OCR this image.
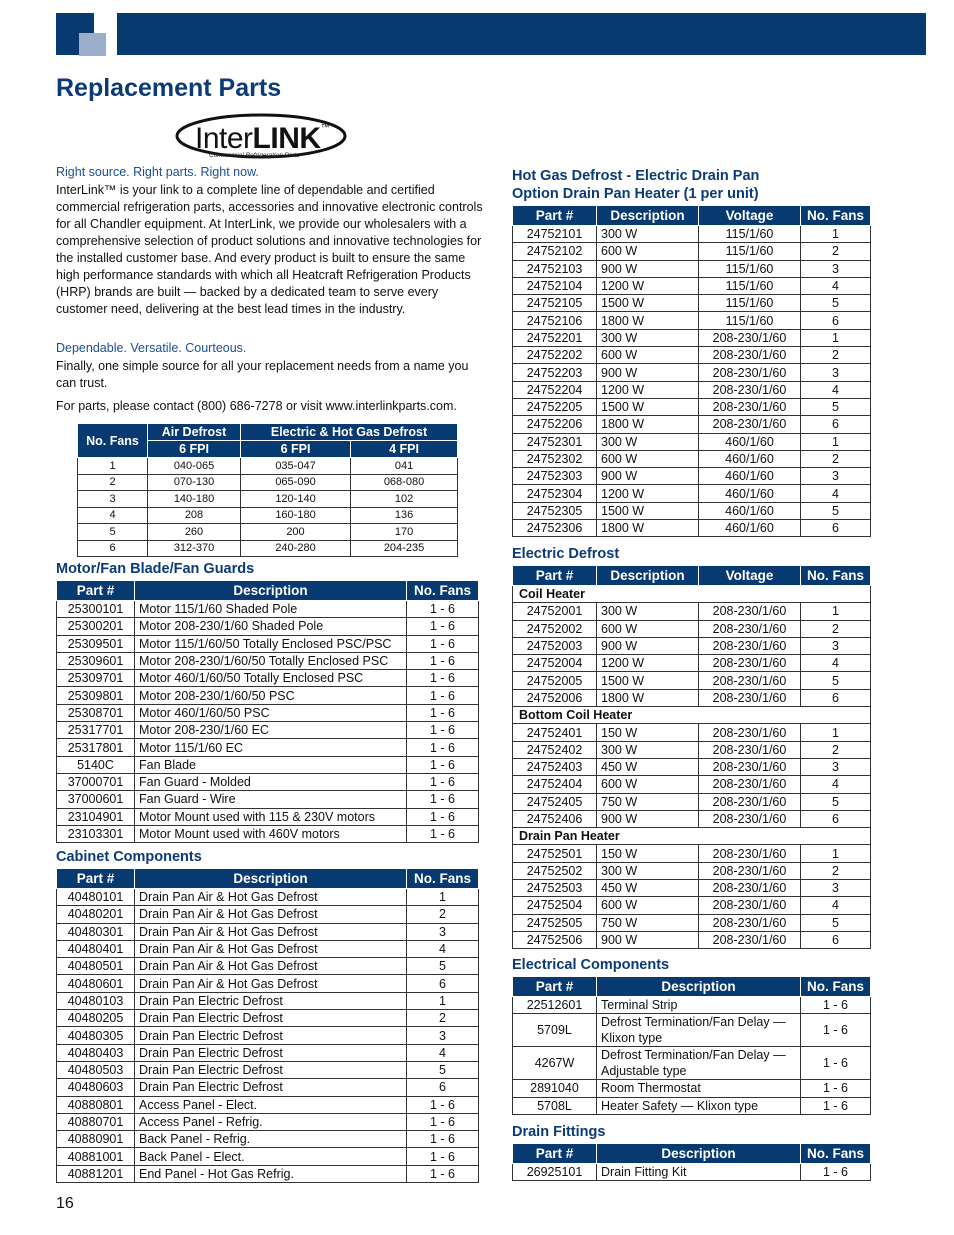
Replacement Parts
InterLINK™
Commercial Refrigeration Parts
Right source. Right parts. Right now.

InterLink™ is your link to a complete line of dependable and certified commercial refrigeration parts, accessories and innovative electronic controls for all Chandler equipment. At InterLink, we provide our wholesalers with a comprehensive selection of product solutions and innovative technologies for the installed customer base. And every product is built to ensure the same high performance standards with which all Heatcraft Refrigeration Products (HRP) brands are built — backed by a dedicated team to serve every customer need, delivering at the best lead times in the industry.

Dependable. Versatile. Courteous.

Finally, one simple source for all your replacement needs from a name you can trust.

For parts, please contact (800) 686-7278 or visit www.interlinkparts.com.

No. Fans	Air Defrost	Electric & Hot Gas Defrost	
	6 FPI	6 FPI	4 FPI
1	040-065	035-047	041
2	070-130	065-090	068-080
3	140-180	120-140	102
4	208	160-180	136
5	260	200	170
6	312-370	240-280	204-235
Motor/Fan Blade/Fan Guards
Part #	Description	No. Fans
25300101	Motor 115/1/60 Shaded Pole	1 - 6
25300201	Motor 208-230/1/60 Shaded Pole	1 - 6
25309501	Motor 115/1/60/50 Totally Enclosed PSC/PSC	1 - 6
25309601	Motor 208-230/1/60/50 Totally Enclosed PSC	1 - 6
25309701	Motor 460/1/60/50 Totally Enclosed PSC	1 - 6
25309801	Motor 208-230/1/60/50 PSC	1 - 6
25308701	Motor 460/1/60/50 PSC	1 - 6
25317701	Motor 208-230/1/60 EC	1 - 6
25317801	Motor 115/1/60 EC	1 - 6
5140C	Fan Blade	1 - 6
37000701	Fan Guard - Molded	1 - 6
37000601	Fan Guard - Wire	1 - 6
23104901	Motor Mount used with 115 & 230V motors	1 - 6
23103301	Motor Mount used with 460V motors	1 - 6
Cabinet Components
Part #	Description	No. Fans
40480101	Drain Pan Air & Hot Gas Defrost	1
40480201	Drain Pan Air & Hot Gas Defrost	2
40480301	Drain Pan Air & Hot Gas Defrost	3
40480401	Drain Pan Air & Hot Gas Defrost	4
40480501	Drain Pan Air & Hot Gas Defrost	5
40480601	Drain Pan Air & Hot Gas Defrost	6
40480103	Drain Pan Electric Defrost	1
40480205	Drain Pan Electric Defrost	2
40480305	Drain Pan Electric Defrost	3
40480403	Drain Pan Electric Defrost	4
40480503	Drain Pan Electric Defrost	5
40480603	Drain Pan Electric Defrost	6
40880801	Access Panel - Elect.	1 - 6
40880701	Access Panel - Refrig.	1 - 6
40880901	Back Panel - Refrig.	1 - 6
40881001	Back Panel - Elect.	1 - 6
40881201	End Panel - Hot Gas Refrig.	1 - 6
Hot Gas Defrost - Electric Drain Pan
Option Drain Pan Heater (1 per unit)
Part #	Description	Voltage	No. Fans
24752101	300 W	115/1/60	1
24752102	600 W	115/1/60	2
24752103	900 W	115/1/60	3
24752104	1200 W	115/1/60	4
24752105	1500 W	115/1/60	5
24752106	1800 W	115/1/60	6
24752201	300 W	208-230/1/60	1
24752202	600 W	208-230/1/60	2
24752203	900 W	208-230/1/60	3
24752204	1200 W	208-230/1/60	4
24752205	1500 W	208-230/1/60	5
24752206	1800 W	208-230/1/60	6
24752301	300 W	460/1/60	1
24752302	600 W	460/1/60	2
24752303	900 W	460/1/60	3
24752304	1200 W	460/1/60	4
24752305	1500 W	460/1/60	5
24752306	1800 W	460/1/60	6
Electric Defrost
Part #	Description	Voltage	No. Fans
Coil Heater			
24752001	300 W	208-230/1/60	1
24752002	600 W	208-230/1/60	2
24752003	900 W	208-230/1/60	3
24752004	1200 W	208-230/1/60	4
24752005	1500 W	208-230/1/60	5
24752006	1800 W	208-230/1/60	6
Bottom Coil Heater			
24752401	150 W	208-230/1/60	1
24752402	300 W	208-230/1/60	2
24752403	450 W	208-230/1/60	3
24752404	600 W	208-230/1/60	4
24752405	750 W	208-230/1/60	5
24752406	900 W	208-230/1/60	6
Drain Pan Heater			
24752501	150 W	208-230/1/60	1
24752502	300 W	208-230/1/60	2
24752503	450 W	208-230/1/60	3
24752504	600 W	208-230/1/60	4
24752505	750 W	208-230/1/60	5
24752506	900 W	208-230/1/60	6
Electrical Components
Part #	Description	No. Fans
22512601	Terminal Strip	1 - 6
5709L	Defrost Termination/Fan Delay — Klixon type	1 - 6
4267W	Defrost Termination/Fan Delay — Adjustable type	1 - 6
2891040	Room Thermostat	1 - 6
5708L	Heater Safety — Klixon type	1 - 6
Drain Fittings
Part #	Description	No. Fans
26925101	Drain Fitting Kit	1 - 6
16
